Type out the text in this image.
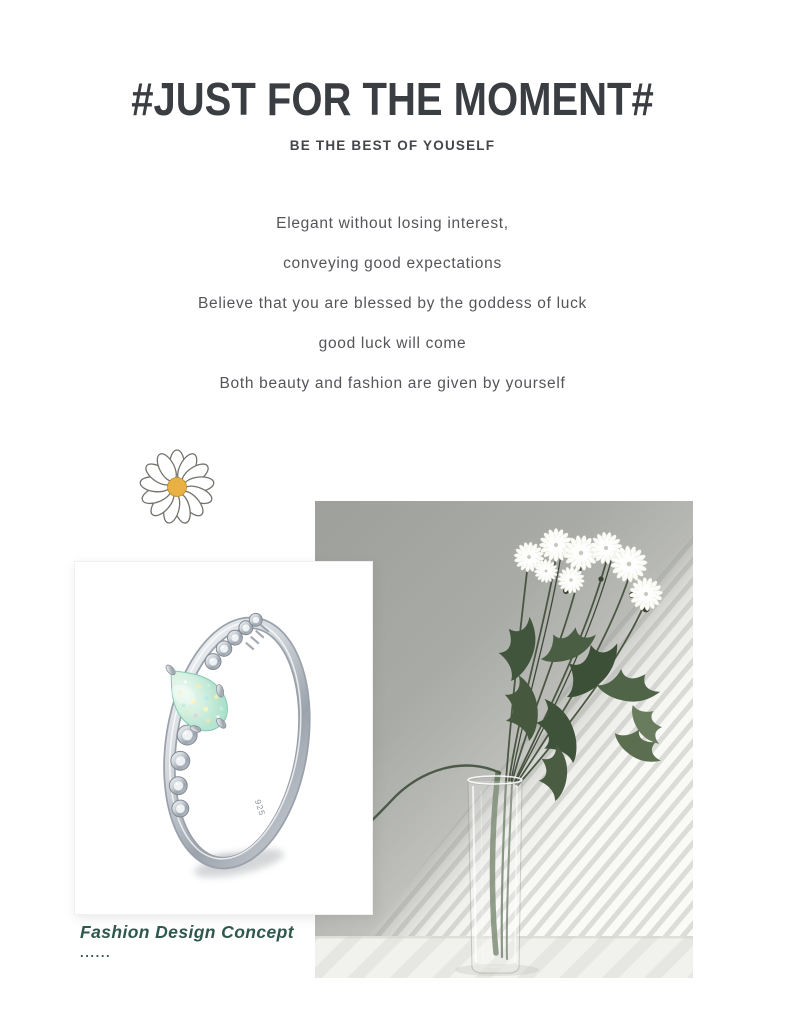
#JUST FOR THE MOMENT#
BE THE BEST OF YOUSELF
Elegant without losing interest,
conveying good expectations
Believe that you are blessed by the goddess of luck
good luck will come
Both beauty and fashion are given by yourself
925
Fashion Design Concept
......
